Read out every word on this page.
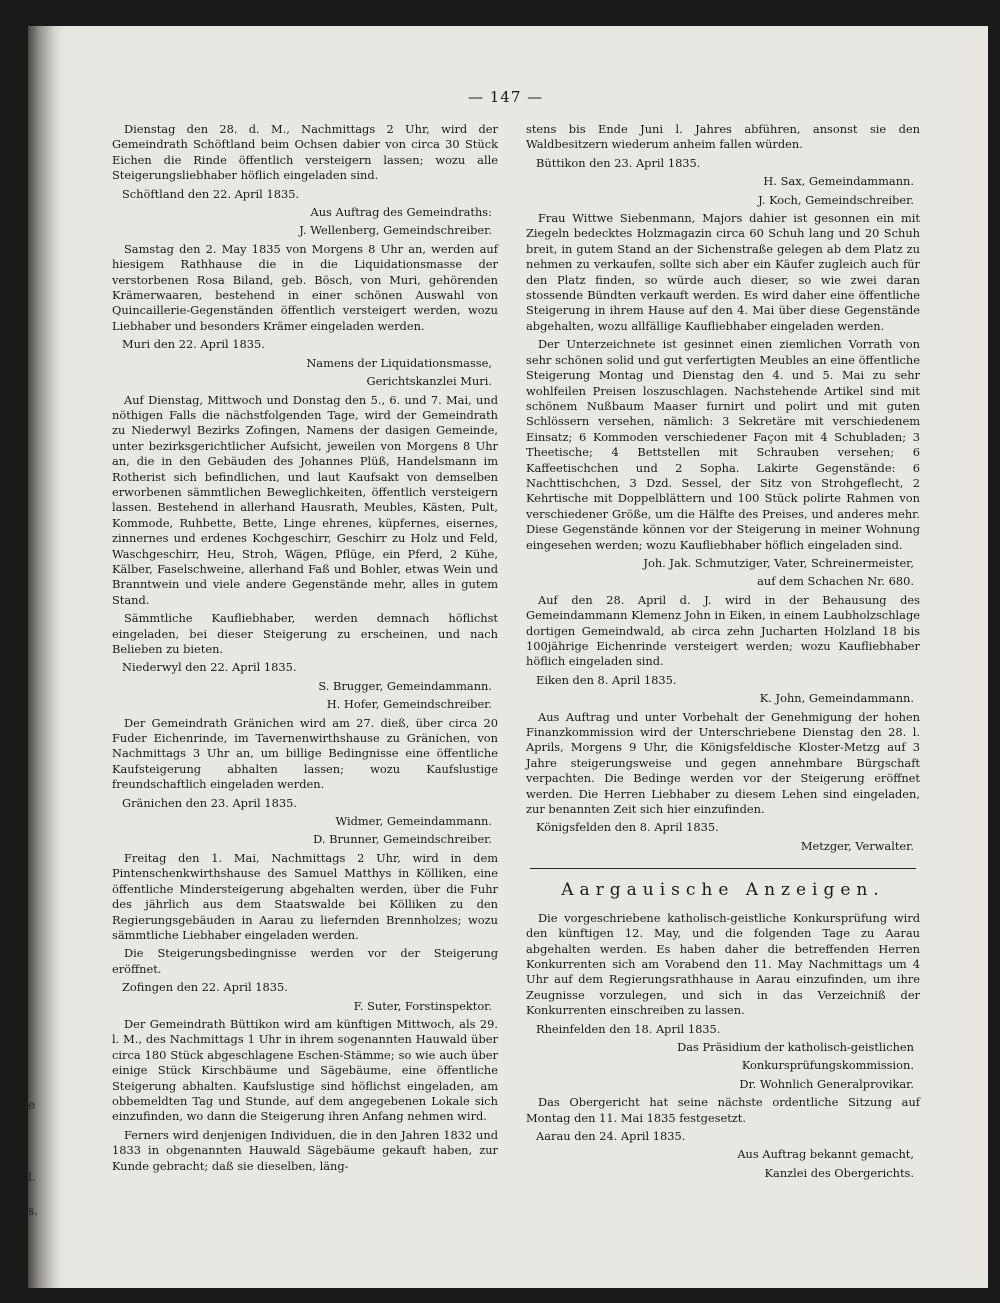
e
l.
s.
— 147 —

Dienstag den 28. d. M., Nachmittags 2 Uhr, wird der Gemeindrath Schöftland beim Ochsen dabier von circa 30 Stück Eichen die Rinde öffentlich versteigern lassen; wozu alle Steigerungsliebhaber höflich eingeladen sind.

Schöftland den 22. April 1835.

Aus Auftrag des Gemeindraths:

J. Wellenberg, Gemeindschreiber.

Samstag den 2. May 1835 von Morgens 8 Uhr an, werden auf hiesigem Rathhause die in die Liquidationsmasse der verstorbenen Rosa Biland, geb. Bösch, von Muri, gehörenden Krämerwaaren, bestehend in einer schönen Auswahl von Quincaillerie-Gegenständen öffentlich versteigert werden, wozu Liebhaber und besonders Krämer eingeladen werden.

Muri den 22. April 1835.

Namens der Liquidationsmasse,

Gerichtskanzlei Muri.

Auf Dienstag, Mittwoch und Donstag den 5., 6. und 7. Mai, und nöthigen Falls die nächstfolgenden Tage, wird der Gemeindrath zu Niederwyl Bezirks Zofingen, Namens der dasigen Gemeinde, unter bezirksgerichtlicher Aufsicht, jeweilen von Morgens 8 Uhr an, die in den Gebäuden des Johannes Plüß, Handelsmann im Rotherist sich befindlichen, und laut Kaufsakt von demselben erworbenen sämmtlichen Beweglichkeiten, öffentlich versteigern lassen. Bestehend in allerhand Hausrath, Meubles, Kästen, Pult, Kommode, Ruhbette, Bette, Linge ehrenes, küpfernes, eisernes, zinnernes und erdenes Kochgeschirr, Geschirr zu Holz und Feld, Waschgeschirr, Heu, Stroh, Wägen, Pflüge, ein Pferd, 2 Kühe, Kälber, Faselschweine, allerhand Faß und Bohler, etwas Wein und Branntwein und viele andere Gegenstände mehr, alles in gutem Stand.

Sämmtliche Kaufliebhaber, werden demnach höflichst eingeladen, bei dieser Steigerung zu erscheinen, und nach Belieben zu bieten.

Niederwyl den 22. April 1835.

S. Brugger, Gemeindammann.

H. Hofer, Gemeindschreiber.

Der Gemeindrath Gränichen wird am 27. dieß, über circa 20 Fuder Eichenrinde, im Tavernenwirthshause zu Gränichen, von Nachmittags 3 Uhr an, um billige Bedingnisse eine öffentliche Kaufsteigerung abhalten lassen; wozu Kaufslustige freundschaftlich eingeladen werden.

Gränichen den 23. April 1835.

Widmer, Gemeindammann.

D. Brunner, Gemeindschreiber.

Freitag den 1. Mai, Nachmittags 2 Uhr, wird in dem Pintenschenkwirthshause des Samuel Matthys in Kölliken, eine öffentliche Mindersteigerung abgehalten werden, über die Fuhr des jährlich aus dem Staatswalde bei Kölliken zu den Regierungsgebäuden in Aarau zu liefernden Brennholzes; wozu sämmtliche Liebhaber eingeladen werden.

Die Steigerungsbedingnisse werden vor der Steigerung eröffnet.

Zofingen den 22. April 1835.

F. Suter, Forstinspektor.

Der Gemeindrath Büttikon wird am künftigen Mittwoch, als 29. l. M., des Nachmittags 1 Uhr in ihrem sogenannten Hauwald über circa 180 Stück abgeschlagene Eschen-Stämme; so wie auch über einige Stück Kirschbäume und Sägebäume, eine öffentliche Steigerung abhalten. Kaufslustige sind höflichst eingeladen, am obbemeldten Tag und Stunde, auf dem angegebenen Lokale sich einzufinden, wo dann die Steigerung ihren Anfang nehmen wird.

Ferners wird denjenigen Individuen, die in den Jahren 1832 und 1833 in obgenannten Hauwald Sägebäume gekauft haben, zur Kunde gebracht; daß sie dieselben, läng-

stens bis Ende Juni l. Jahres abführen, ansonst sie den Waldbesitzern wiederum anheim fallen würden.

Büttikon den 23. April 1835.

H. Sax, Gemeindammann.

J. Koch, Gemeindschreiber.

Frau Wittwe Siebenmann, Majors dahier ist gesonnen ein mit Ziegeln bedecktes Holzmagazin circa 60 Schuh lang und 20 Schuh breit, in gutem Stand an der Sichenstraße gelegen ab dem Platz zu nehmen zu verkaufen, sollte sich aber ein Käufer zugleich auch für den Platz finden, so würde auch dieser, so wie zwei daran stossende Bündten verkauft werden. Es wird daher eine öffentliche Steigerung in ihrem Hause auf den 4. Mai über diese Gegenstände abgehalten, wozu allfällige Kaufliebhaber eingeladen werden.

Der Unterzeichnete ist gesinnet einen ziemlichen Vorrath von sehr schönen solid und gut verfertigten Meubles an eine öffentliche Steigerung Montag und Dienstag den 4. und 5. Mai zu sehr wohlfeilen Preisen loszuschlagen. Nachstehende Artikel sind mit schönem Nußbaum Maaser furnirt und polirt und mit guten Schlössern versehen, nämlich: 3 Sekretäre mit verschiedenem Einsatz; 6 Kommoden verschiedener Façon mit 4 Schubladen; 3 Theetische; 4 Bettstellen mit Schrauben versehen; 6 Kaffeetischchen und 2 Sopha. Lakirte Gegenstände: 6 Nachttischchen, 3 Dzd. Sessel, der Sitz von Strohgeflecht, 2 Kehrtische mit Doppelblättern und 100 Stück polirte Rahmen von verschiedener Größe, um die Hälfte des Preises, und anderes mehr. Diese Gegenstände können vor der Steigerung in meiner Wohnung eingesehen werden; wozu Kaufliebhaber höflich eingeladen sind.

Joh. Jak. Schmutziger, Vater, Schreinermeister,

auf dem Schachen Nr. 680.

Auf den 28. April d. J. wird in der Behausung des Gemeindammann Klemenz John in Eiken, in einem Laubholzschlage dortigen Gemeindwald, ab circa zehn Jucharten Holzland 18 bis 100jährige Eichenrinde versteigert werden; wozu Kaufliebhaber höflich eingeladen sind.

Eiken den 8. April 1835.

K. John, Gemeindammann.

Aus Auftrag und unter Vorbehalt der Genehmigung der hohen Finanzkommission wird der Unterschriebene Dienstag den 28. l. Aprils, Morgens 9 Uhr, die Königsfeldische Kloster-Metzg auf 3 Jahre steigerungsweise und gegen annehmbare Bürgschaft verpachten. Die Bedinge werden vor der Steigerung eröffnet werden. Die Herren Liebhaber zu diesem Lehen sind eingeladen, zur benannten Zeit sich hier einzufinden.

Königsfelden den 8. April 1835.

Metzger, Verwalter.

Aargauische Anzeigen.

Die vorgeschriebene katholisch-geistliche Konkursprüfung wird den künftigen 12. May, und die folgenden Tage zu Aarau abgehalten werden. Es haben daher die betreffenden Herren Konkurrenten sich am Vorabend den 11. May Nachmittags um 4 Uhr auf dem Regierungsrathhause in Aarau einzufinden, um ihre Zeugnisse vorzulegen, und sich in das Verzeichniß der Konkurrenten einschreiben zu lassen.

Rheinfelden den 18. April 1835.

Das Präsidium der katholisch-geistlichen

Konkursprüfungskommission.

Dr. Wohnlich Generalprovikar.

Das Obergericht hat seine nächste ordentliche Sitzung auf Montag den 11. Mai 1835 festgesetzt.

Aarau den 24. April 1835.

Aus Auftrag bekannt gemacht,

Kanzlei des Obergerichts.
